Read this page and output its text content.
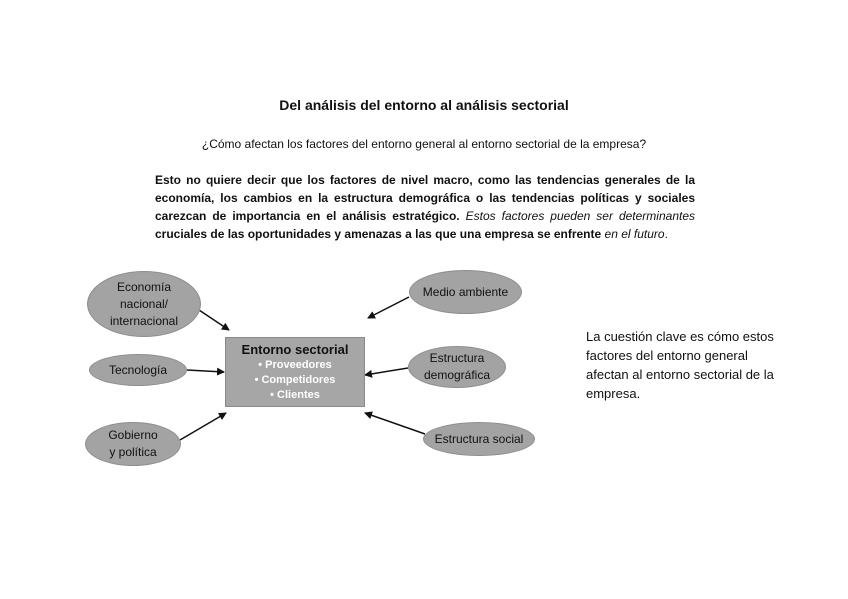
Del análisis del entorno al análisis sectorial
¿Cómo afectan los factores del entorno general al entorno sectorial de la empresa?
Esto no quiere decir que los factores de nivel macro, como las tendencias generales de la economía, los cambios en la estructura demográfica o las tendencias políticas y sociales carezcan de importancia en el análisis estratégico. Estos factores pueden ser determinantes cruciales de las oportunidades y amenazas a las que una empresa se enfrente en el futuro.
Economía
nacional/
internacional
Tecnología
Gobierno
y política
Medio ambiente
Estructura
demográfica
Estructura social
Entorno sectorial
• Proveedores
• Competidores
• Clientes
La cuestión clave es cómo estos factores del entorno general afectan al entorno sectorial de la empresa.
